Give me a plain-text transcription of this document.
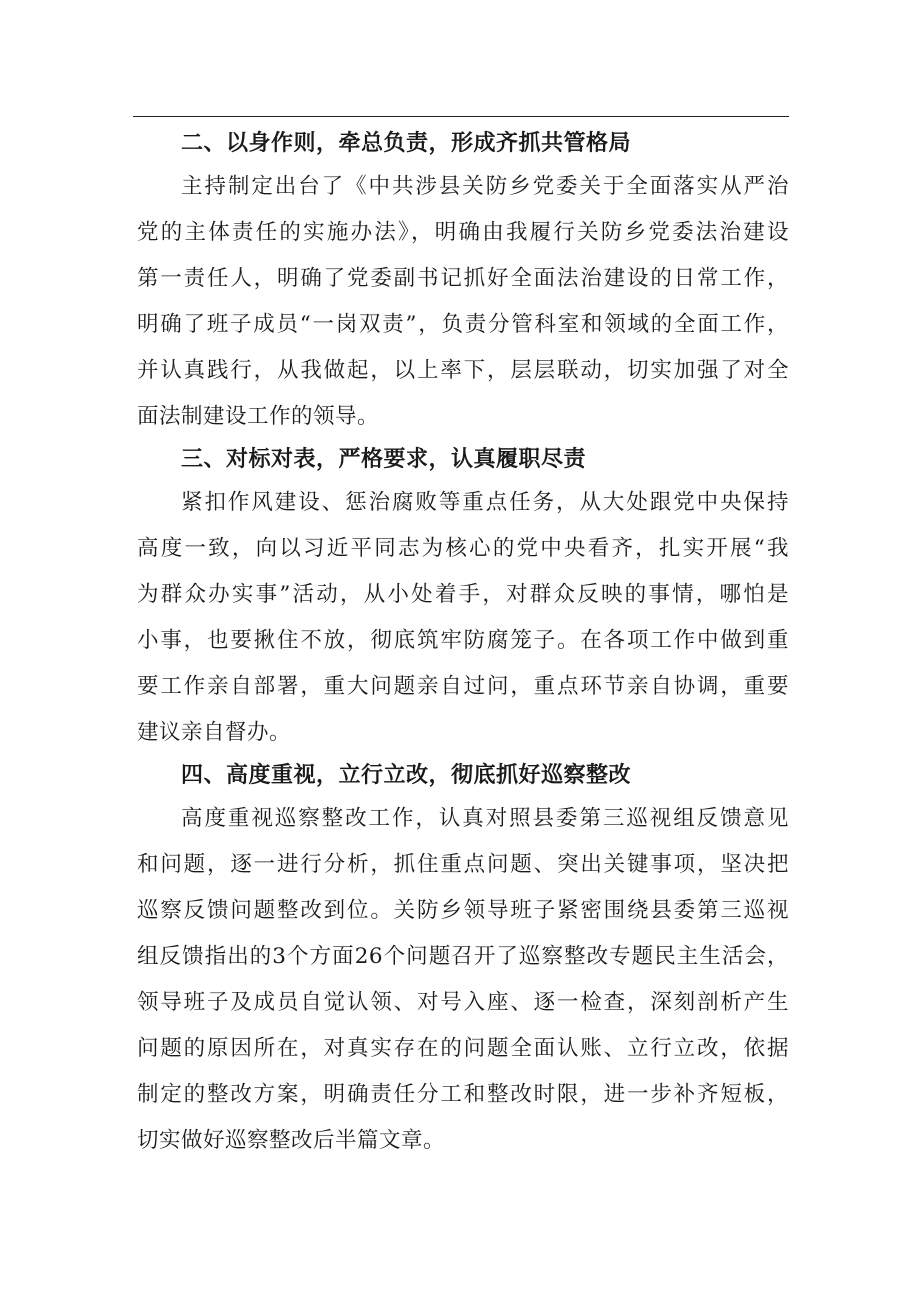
二、以身作则，牵总负责，形成齐抓共管格局
主持制定出台了《中共涉县关防乡党委关于全面落实从严治
党的主体责任的实施办法》，明确由我履行关防乡党委法治建设
第一责任人，明确了党委副书记抓好全面法治建设的日常工作，
明确了班子成员“一岗双责”，负责分管科室和领域的全面工作，
并认真践行，从我做起，以上率下，层层联动，切实加强了对全
面法制建设工作的领导。
三、对标对表，严格要求，认真履职尽责
紧扣作风建设、惩治腐败等重点任务，从大处跟党中央保持
高度一致，向以习近平同志为核心的党中央看齐，扎实开展“我
为群众办实事”活动，从小处着手，对群众反映的事情，哪怕是
小事，也要揪住不放，彻底筑牢防腐笼子。在各项工作中做到重
要工作亲自部署，重大问题亲自过问，重点环节亲自协调，重要
建议亲自督办。
四、高度重视，立行立改，彻底抓好巡察整改
高度重视巡察整改工作，认真对照县委第三巡视组反馈意见
和问题，逐一进行分析，抓住重点问题、突出关键事项，坚决把
巡察反馈问题整改到位。关防乡领导班子紧密围绕县委第三巡视
组反馈指出的3个方面26个问题召开了巡察整改专题民主生活会，
领导班子及成员自觉认领、对号入座、逐一检查，深刻剖析产生
问题的原因所在，对真实存在的问题全面认账、立行立改，依据
制定的整改方案，明确责任分工和整改时限，进一步补齐短板，
切实做好巡察整改后半篇文章。
